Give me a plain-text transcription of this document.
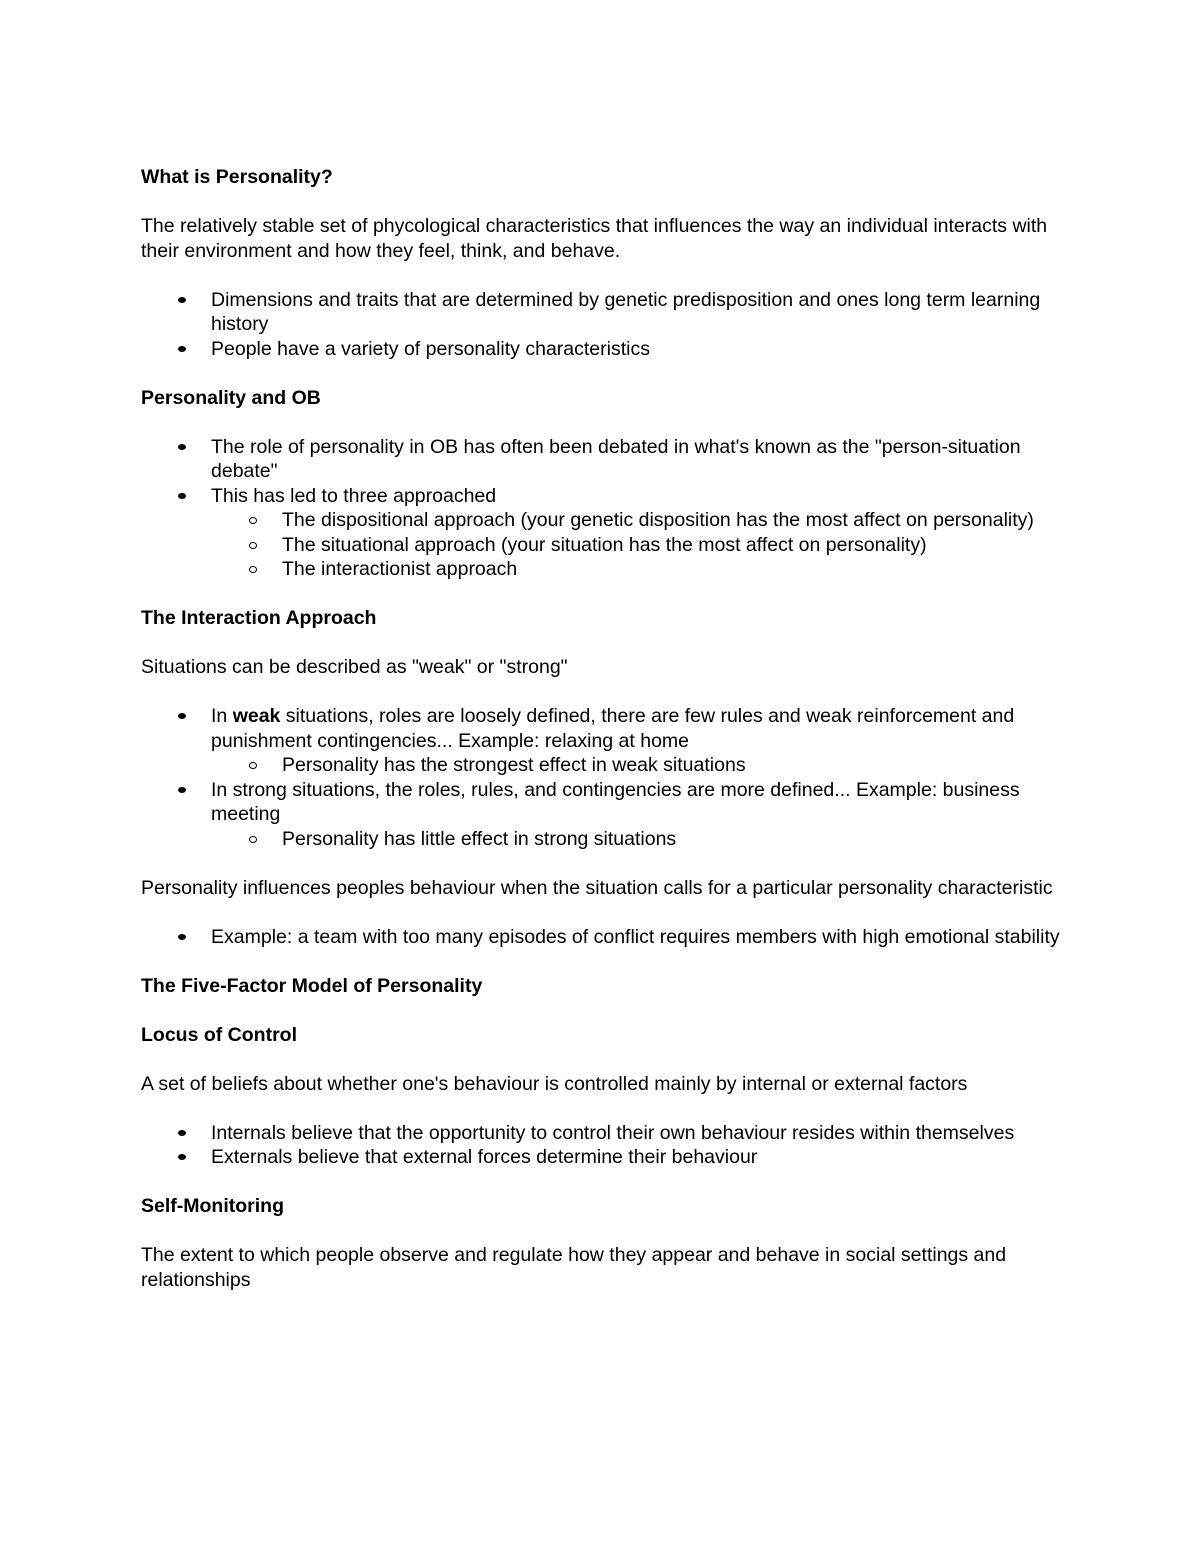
What is Personality?

The relatively stable set of phycological characteristics that influences the way an individual interacts with their environment and how they feel, think, and behave.

Dimensions and traits that are determined by genetic predisposition and ones long term learning history
People have a variety of personality characteristics
Personality and OB
The role of personality in OB has often been debated in what's known as the "person-situation debate"
This has led to three approached
The dispositional approach (your genetic disposition has the most affect on personality)
The situational approach (your situation has the most affect on personality)
The interactionist approach
The Interaction Approach

Situations can be described as "weak" or "strong"

In weak situations, roles are loosely defined, there are few rules and weak reinforcement and punishment contingencies... Example: relaxing at home
Personality has the strongest effect in weak situations
In strong situations, the roles, rules, and contingencies are more defined... Example: business meeting
Personality has little effect in strong situations

Personality influences peoples behaviour when the situation calls for a particular personality characteristic

Example: a team with too many episodes of conflict requires members with high emotional stability
The Five-Factor Model of Personality
Locus of Control

A set of beliefs about whether one's behaviour is controlled mainly by internal or external factors

Internals believe that the opportunity to control their own behaviour resides within themselves
Externals believe that external forces determine their behaviour
Self-Monitoring

The extent to which people observe and regulate how they appear and behave in social settings and relationships
